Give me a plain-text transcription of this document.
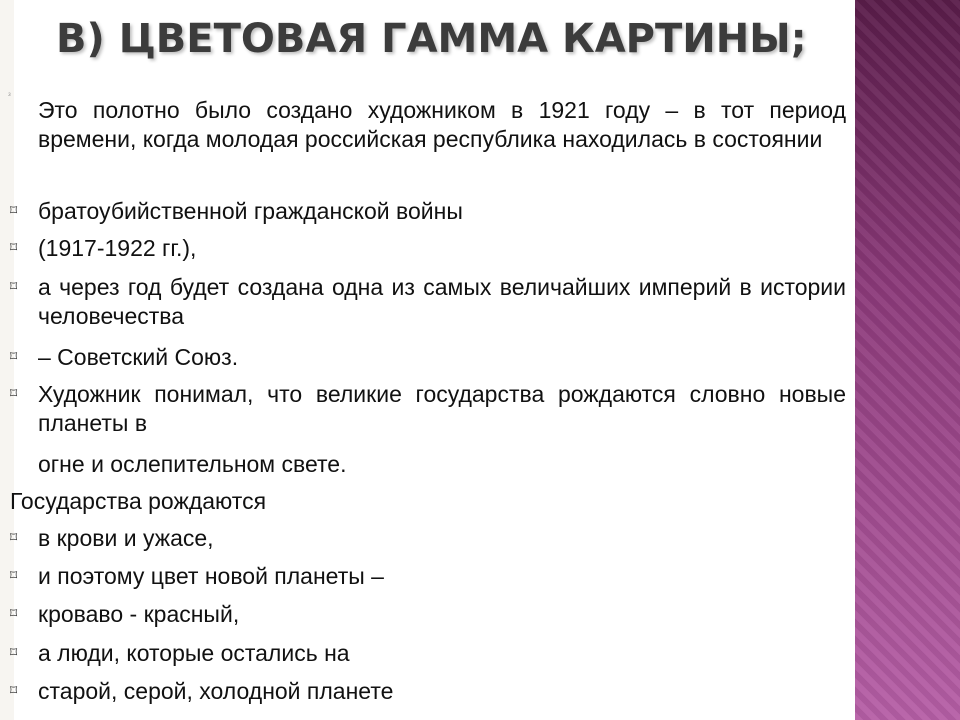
В) ЦВЕТОВАЯ ГАММА КАРТИНЫ;
з

Это полотно было создано художником в 1921 году – в тот период времени, когда молодая российская республика находилась в состоянии

⌑ братоубийственной гражданской войны

⌑ (1917-1922 гг.),

⌑ а через год будет создана одна из самых величайших империй в истории человечества

⌑ – Советский Союз.

⌑ Художник понимал, что великие государства рождаются словно новые планеты в

огне и ослепительном свете.

Государства рождаются

⌑ в крови и ужасе,

⌑ и поэтому цвет новой планеты –

⌑ кроваво - красный,

⌑ а люди, которые остались на

⌑ старой, серой, холодной планете
